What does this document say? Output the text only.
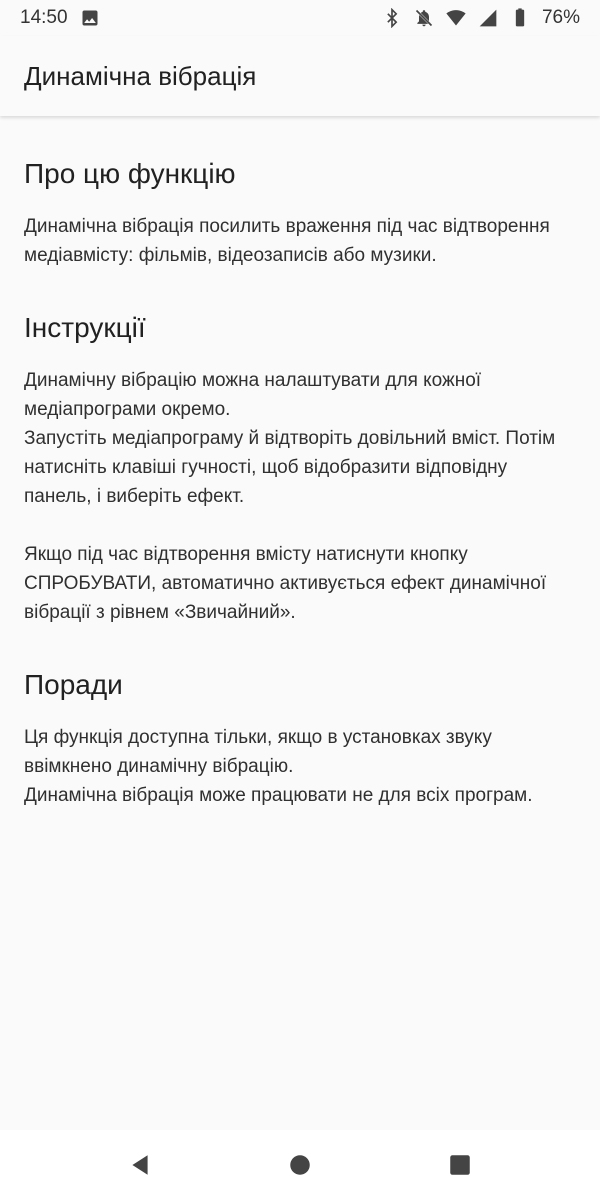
14:50	76%
Динамічна вібрація
Про цю функцію

Динамічна вібрація посилить враження під час відтворення медіавмісту: фільмів, відеозаписів або музики.

Інструкції

Динамічну вібрацію можна налаштувати для кожної медіапрограми окремо.

Запустіть медіапрограму й відтворіть довільний вміст. Потім натисніть клавіші гучності, щоб відобразити відповідну панель, і виберіть ефект.

Якщо під час відтворення вмісту натиснути кнопку СПРОБУВАТИ, автоматично активується ефект динамічної вібрації з рівнем «Звичайний».

Поради

Ця функція доступна тільки, якщо в установках звуку ввімкнено динамічну вібрацію.

Динамічна вібрація може працювати не для всіх програм.
